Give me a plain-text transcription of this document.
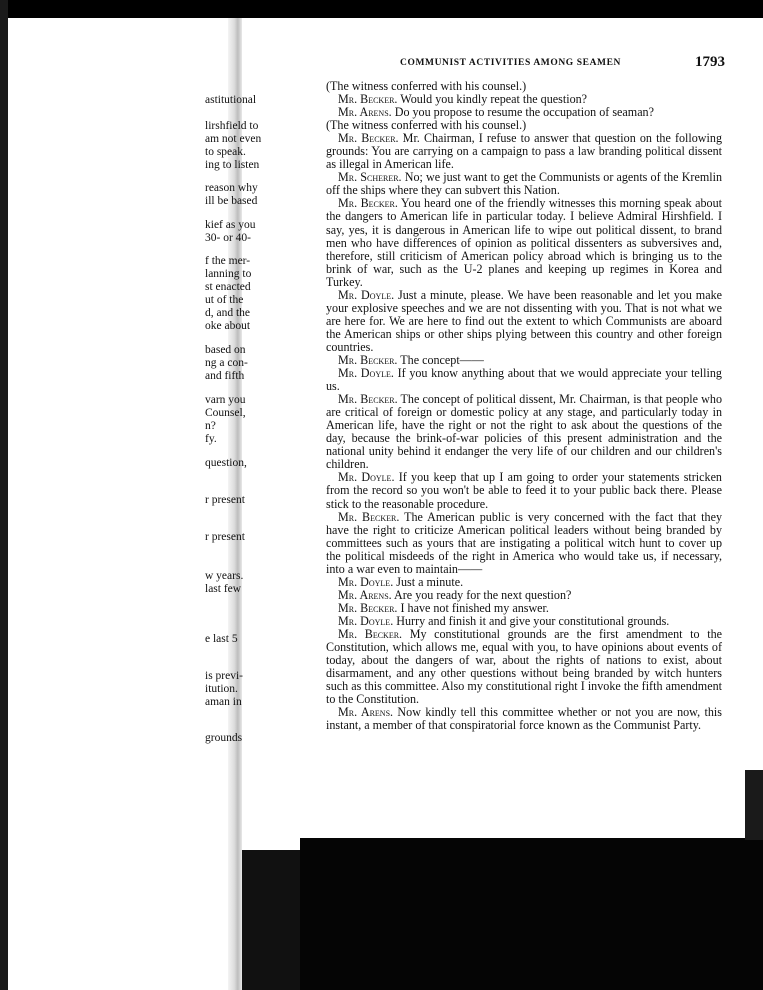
astitutional
lirshfield to
am not even
to speak.
ing to listen
reason why
ill be based
kief as you
30- or 40-
f the mer-
lanning to
st enacted
ut of the
d, and the
oke about
based on
ng a con-
and fifth
varn you
Counsel,
n?
fy.
question,
r present
r present
w years.
last few
e last 5
is previ-
itution.
aman in
grounds
COMMUNIST ACTIVITIES AMONG SEAMEN	1793

(The witness conferred with his counsel.)

Mr. Becker. Would you kindly repeat the question?

Mr. Arens. Do you propose to resume the occupation of seaman?

(The witness conferred with his counsel.)

Mr. Becker. Mr. Chairman, I refuse to answer that question on the following grounds: You are carrying on a campaign to pass a law branding political dissent as illegal in American life.

Mr. Scherer. No; we just want to get the Communists or agents of the Kremlin off the ships where they can subvert this Nation.

Mr. Becker. You heard one of the friendly witnesses this morning speak about the dangers to American life in particular today. I believe Admiral Hirshfield. I say, yes, it is dangerous in American life to wipe out political dissent, to brand men who have differences of opinion as political dissenters as subversives and, therefore, still criticism of American policy abroad which is bringing us to the brink of war, such as the U-2 planes and keeping up regimes in Korea and Turkey.

Mr. Doyle. Just a minute, please. We have been reasonable and let you make your explosive speeches and we are not dissenting with you. That is not what we are here for. We are here to find out the extent to which Communists are aboard the American ships or other ships plying between this country and other foreign countries.

Mr. Becker. The concept——

Mr. Doyle. If you know anything about that we would appreciate your telling us.

Mr. Becker. The concept of political dissent, Mr. Chairman, is that people who are critical of foreign or domestic policy at any stage, and particularly today in American life, have the right or not the right to ask about the questions of the day, because the brink-of-war policies of this present administration and the national unity behind it endanger the very life of our children and our children's children.

Mr. Doyle. If you keep that up I am going to order your statements stricken from the record so you won't be able to feed it to your public back there. Please stick to the reasonable procedure.

Mr. Becker. The American public is very concerned with the fact that they have the right to criticize American political leaders without being branded by committees such as yours that are instigating a political witch hunt to cover up the political misdeeds of the right in America who would take us, if necessary, into a war even to maintain——

Mr. Doyle. Just a minute.

Mr. Arens. Are you ready for the next question?

Mr. Becker. I have not finished my answer.

Mr. Doyle. Hurry and finish it and give your constitutional grounds.

Mr. Becker. My constitutional grounds are the first amendment to the Constitution, which allows me, equal with you, to have opinions about events of today, about the dangers of war, about the rights of nations to exist, about disarmament, and any other questions without being branded by witch hunters such as this committee. Also my constitutional right I invoke the fifth amendment to the Constitution.

Mr. Arens. Now kindly tell this committee whether or not you are now, this instant, a member of that conspiratorial force known as the Communist Party.
